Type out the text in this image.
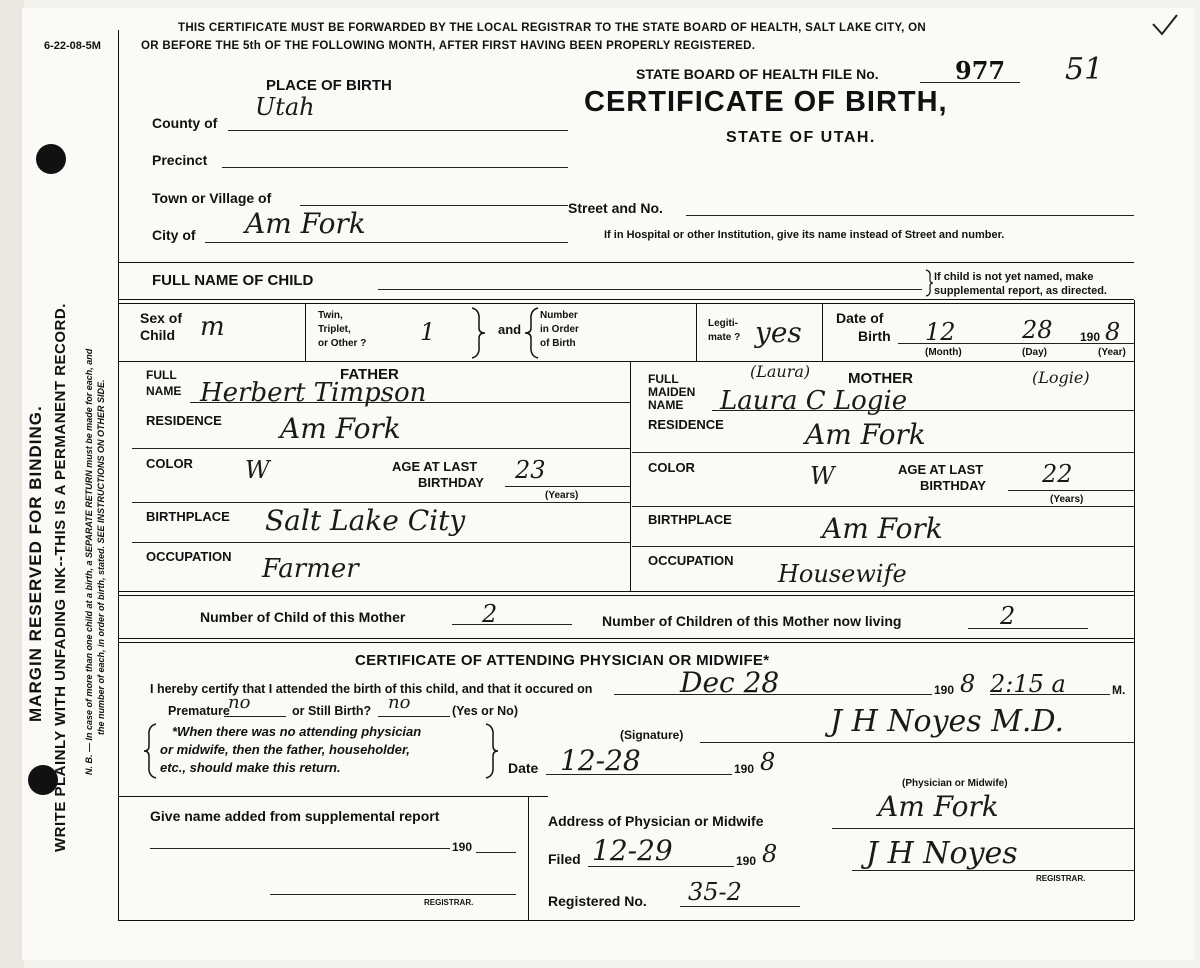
6-22-08-5M
MARGIN RESERVED FOR BINDING. WRITE PLAINLY WITH UNFADING INK--THIS IS A PERMANENT RECORD. N. B. — In case of more than one child at a birth, a SEPARATE RETURN must be made for each, and the number of each, in order of birth, stated. SEE INSTRUCTIONS ON OTHER SIDE.
THIS CERTIFICATE MUST BE FORWARDED BY THE LOCAL REGISTRAR TO THE STATE BOARD OF HEALTH, SALT LAKE CITY, ON
OR BEFORE THE 5th OF THE FOLLOWING MONTH, AFTER FIRST HAVING BEEN PROPERLY REGISTERED.
STATE BOARD OF HEALTH FILE No.	977 51
CERTIFICATE OF BIRTH,
STATE OF UTAH.
PLACE OF BIRTH
County of
Utah
Precinct
Town or Village of
City of Am Fork	Street and No.
If in Hospital or other Institution, give its name instead of Street and number.
FULL NAME OF CHILD	If child is not yet named, make
supplemental report, as directed.
Sex of
Child m	Twin,
Triplet,
or Other ? 1	and
Number
in Order
of Birth
Legiti-
mate ? yes Date of
Birth 12	28 190 8
(Month)	(Day)	(Year)
FULL	FATHER
NAME Herbert Timpson
RESIDENCE Am Fork
COLOR W	AGE AT LAST
BIRTHDAY 23
(Years)
BIRTHPLACE Salt Lake City
OCCUPATION Farmer
FULL
MAIDEN
NAME
MOTHER
(Laura)	(Logie)
Laura C Logie
RESIDENCE	Am Fork
COLOR	W	AGE AT LAST
BIRTHDAY 22
(Years)
BIRTHPLACE	Am Fork
OCCUPATION Housewife
Number of Child of this Mother	2	Number of Children of this Mother now living	2
CERTIFICATE OF ATTENDING PHYSICIAN OR MIDWIFE*
I hereby certify that I attended the birth of this child, and that it occured on	Dec 28	190 8 2:15 a	M.
Premature
no	or Still Birth? no	(Yes or No)
*When there was no attending physician
or midwife, then the father, householder,
etc., should make this return.
(Signature)	J H Noyes M.D.
Date 12-28	190 8
(Physician or Midwife)
Address of Physician or Midwife	Am Fork
Give name added from supplemental report
190
REGISTRAR.
Filed 12-29	190 8	J H Noyes
REGISTRAR.
Registered No. 35-2
